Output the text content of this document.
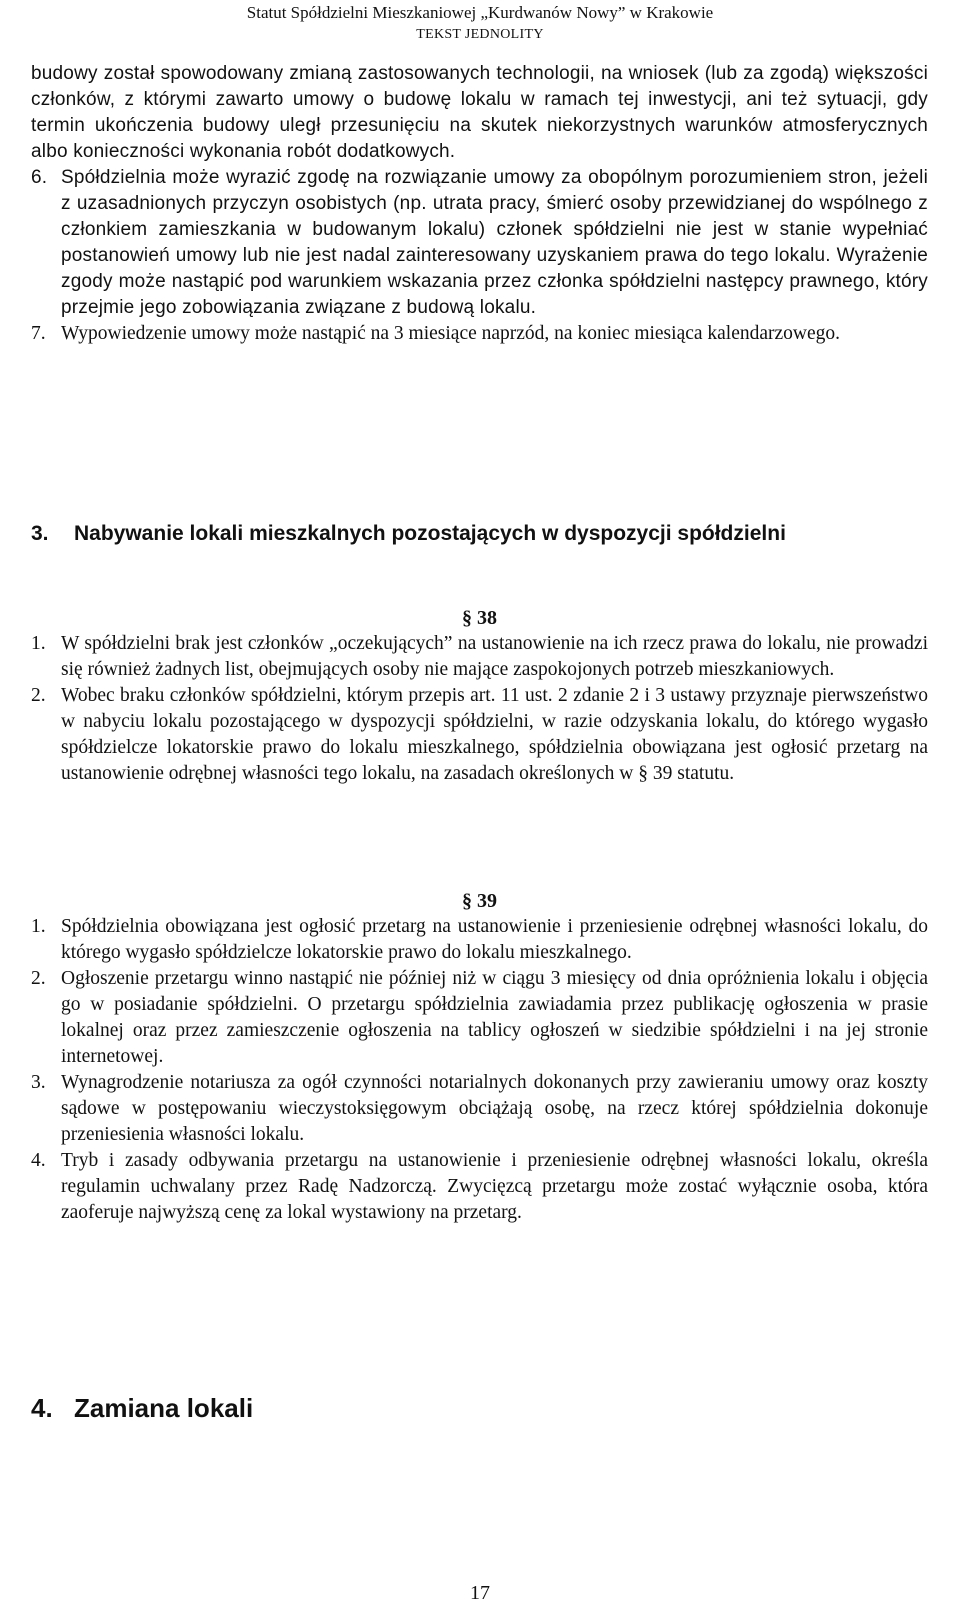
Statut Spółdzielni Mieszkaniowej „Kurdwanów Nowy” w Krakowie
TEKST JEDNOLITY

budowy został spowodowany zmianą zastosowanych technologii, na wniosek (lub za zgodą) większości członków, z którymi zawarto umowy o budowę lokalu w ramach tej inwestycji, ani też sytuacji, gdy termin ukończenia budowy uległ przesunięciu na skutek niekorzystnych warunków atmosferycznych albo konieczności wykonania robót dodatkowych.

6. Spółdzielnia może wyrazić zgodę na rozwiązanie umowy za obopólnym porozumieniem stron, jeżeli z uzasadnionych przyczyn osobistych (np. utrata pracy, śmierć osoby przewidzianej do wspólnego z członkiem zamieszkania w budowanym lokalu) członek spółdzielni nie jest w stanie wypełniać postanowień umowy lub nie jest nadal zainteresowany uzyskaniem prawa do tego lokalu. Wyrażenie zgody może nastąpić pod warunkiem wskazania przez członka spółdzielni następcy prawnego, który przejmie jego zobowiązania związane z budową lokalu.
7. Wypowiedzenie umowy może nastąpić na 3 miesiące naprzód, na koniec miesiąca kalendarzowego.
3.	Nabywanie lokali mieszkalnych pozostających w dyspozycji spółdzielni

§ 38

1. W spółdzielni brak jest członków „oczekujących” na ustanowienie na ich rzecz prawa do lokalu, nie prowadzi się również żadnych list, obejmujących osoby nie mające zaspokojonych potrzeb mieszkaniowych.
2. Wobec braku członków spółdzielni, którym przepis art. 11 ust. 2 zdanie 2 i 3 ustawy przyznaje pierwszeństwo w nabyciu lokalu pozostającego w dyspozycji spółdzielni, w razie odzyskania lokalu, do którego wygasło spółdzielcze lokatorskie prawo do lokalu mieszkalnego, spółdzielnia obowiązana jest ogłosić przetarg na ustanowienie odrębnej własności tego lokalu, na zasadach określonych w § 39 statutu.

§ 39

1. Spółdzielnia obowiązana jest ogłosić przetarg na ustanowienie i przeniesienie odrębnej własności lokalu, do którego wygasło spółdzielcze lokatorskie prawo do lokalu mieszkalnego.
2. Ogłoszenie przetargu winno nastąpić nie później niż w ciągu 3 miesięcy od dnia opróżnienia lokalu i objęcia go w posiadanie spółdzielni. O przetargu spółdzielnia zawiadamia przez publikację ogłoszenia w prasie lokalnej oraz przez zamieszczenie ogłoszenia na tablicy ogłoszeń w siedzibie spółdzielni i na jej stronie internetowej.
3. Wynagrodzenie notariusza za ogół czynności notarialnych dokonanych przy zawieraniu umowy oraz koszty sądowe w postępowaniu wieczystoksięgowym obciążają osobę, na rzecz której spółdzielnia dokonuje przeniesienia własności lokalu.
4. Tryb i zasady odbywania przetargu na ustanowienie i przeniesienie odrębnej własności lokalu, określa regulamin uchwalany przez Radę Nadzorczą. Zwycięzcą przetargu może zostać wyłącznie osoba, która zaoferuje najwyższą cenę za lokal wystawiony na przetarg.
4. Zamiana lokali
17
